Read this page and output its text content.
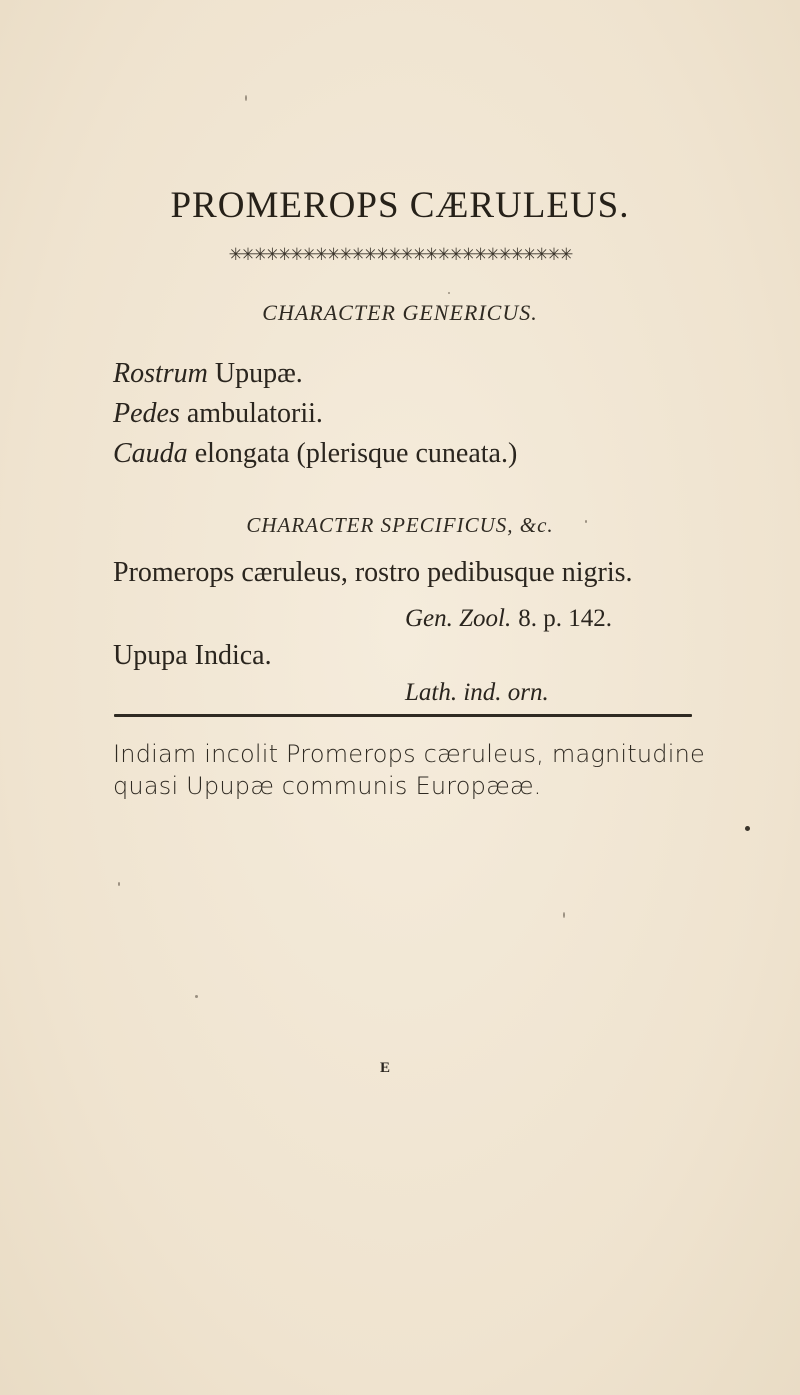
PROMEROPS CÆRULEUS.
✳✳✳✳✳✳✳✳✳✳✳✳✳✳✳✳✳✳✳✳✳✳✳✳✳✳✳✳
CHARACTER GENERICUS.
Rostrum Upupæ.
Pedes ambulatorii.
Cauda elongata (plerisque cuneata.)
CHARACTER SPECIFICUS, &c.
Promerops cæruleus, rostro pedibusque nigris.
Gen. Zool. 8. p. 142.
Upupa Indica.
Lath. ind. orn.
Indiam incolit Promerops cæruleus, magnitudine
quasi Upupæ communis Europææ.
E
